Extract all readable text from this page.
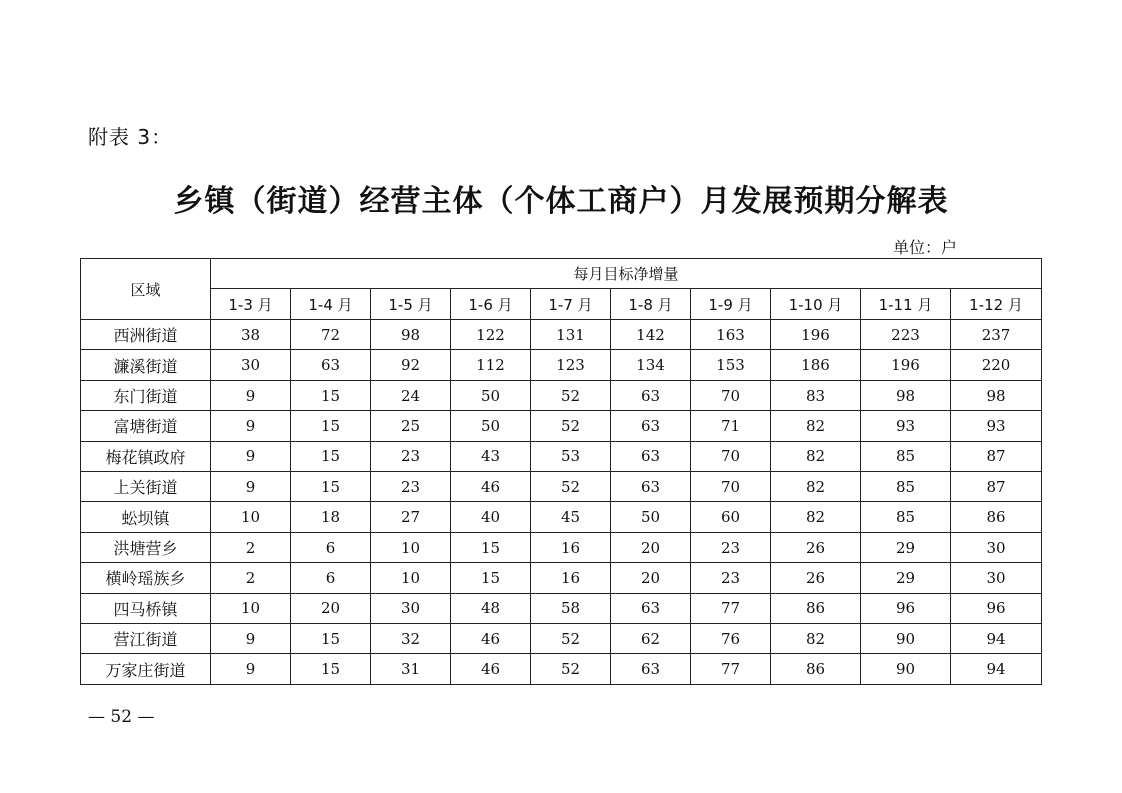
附表 3：
乡镇（街道）经营主体（个体工商户）月发展预期分解表
单位：户
区域	每月目标净增量									
	1-3 月	1-4 月	1-5 月	1-6 月	1-7 月	1-8 月	1-9 月	1-10 月	1-11 月	1-12 月
西洲街道	38	72	98	122	131	142	163	196	223	237
濂溪街道	30	63	92	112	123	134	153	186	196	220
东门街道	9	15	24	50	52	63	70	83	98	98
富塘街道	9	15	25	50	52	63	71	82	93	93
梅花镇政府	9	15	23	43	53	63	70	82	85	87
上关街道	9	15	23	46	52	63	70	82	85	87
蚣坝镇	10	18	27	40	45	50	60	82	85	86
洪塘营乡	2	6	10	15	16	20	23	26	29	30
横岭瑶族乡	2	6	10	15	16	20	23	26	29	30
四马桥镇	10	20	30	48	58	63	77	86	96	96
营江街道	9	15	32	46	52	62	76	82	90	94
万家庄街道	9	15	31	46	52	63	77	86	90	94
— 52 —
